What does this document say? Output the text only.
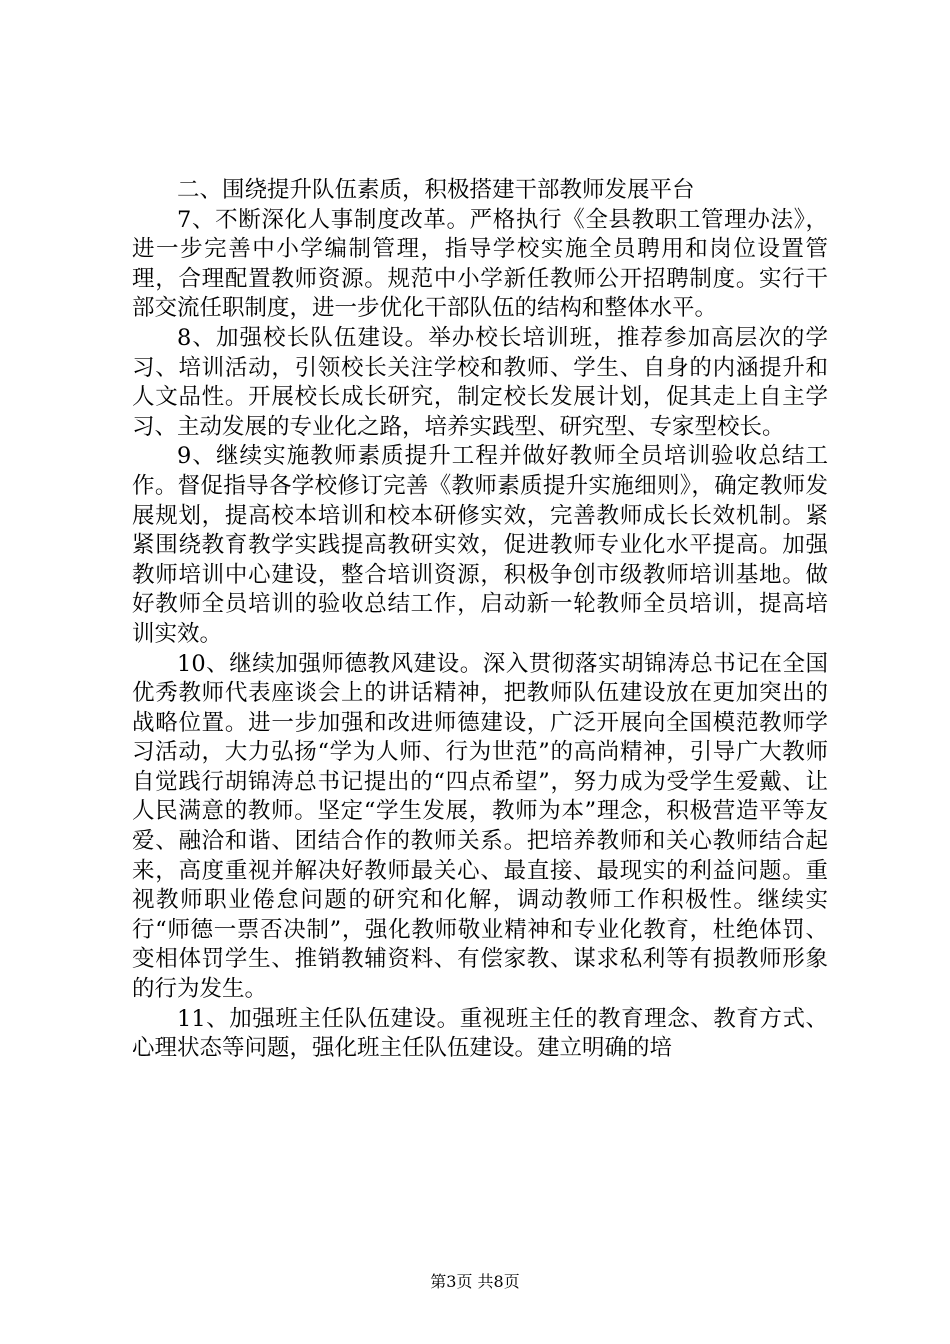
二、围绕提升队伍素质，积极搭建干部教师发展平台

7、不断深化人事制度改革。严格执行《全县教职工管理办法》，进一步完善中小学编制管理，指导学校实施全员聘用和岗位设置管理，合理配置教师资源。规范中小学新任教师公开招聘制度。实行干部交流任职制度，进一步优化干部队伍的结构和整体水平。

8、加强校长队伍建设。举办校长培训班，推荐参加高层次的学习、培训活动，引领校长关注学校和教师、学生、自身的内涵提升和人文品性。开展校长成长研究，制定校长发展计划，促其走上自主学习、主动发展的专业化之路，培养实践型、研究型、专家型校长。

9、继续实施教师素质提升工程并做好教师全员培训验收总结工作。督促指导各学校修订完善《教师素质提升实施细则》，确定教师发展规划，提高校本培训和校本研修实效，完善教师成长长效机制。紧紧围绕教育教学实践提高教研实效，促进教师专业化水平提高。加强教师培训中心建设，整合培训资源，积极争创市级教师培训基地。做好教师全员培训的验收总结工作，启动新一轮教师全员培训，提高培训实效。

10、继续加强师德教风建设。深入贯彻落实胡锦涛总书记在全国优秀教师代表座谈会上的讲话精神，把教师队伍建设放在更加突出的战略位置。进一步加强和改进师德建设，广泛开展向全国模范教师学习活动，大力弘扬“学为人师、行为世范”的高尚精神，引导广大教师自觉践行胡锦涛总书记提出的“四点希望”，努力成为受学生爱戴、让人民满意的教师。坚定“学生发展，教师为本”理念，积极营造平等友爱、融洽和谐、团结合作的教师关系。把培养教师和关心教师结合起来，高度重视并解决好教师最关心、最直接、最现实的利益问题。重视教师职业倦怠问题的研究和化解，调动教师工作积极性。继续实行“师德一票否决制”，强化教师敬业精神和专业化教育，杜绝体罚、变相体罚学生、推销教辅资料、有偿家教、谋求私利等有损教师形象的行为发生。

11、加强班主任队伍建设。重视班主任的教育理念、教育方式、心理状态等问题，强化班主任队伍建设。建立明确的培

第3页 共8页
